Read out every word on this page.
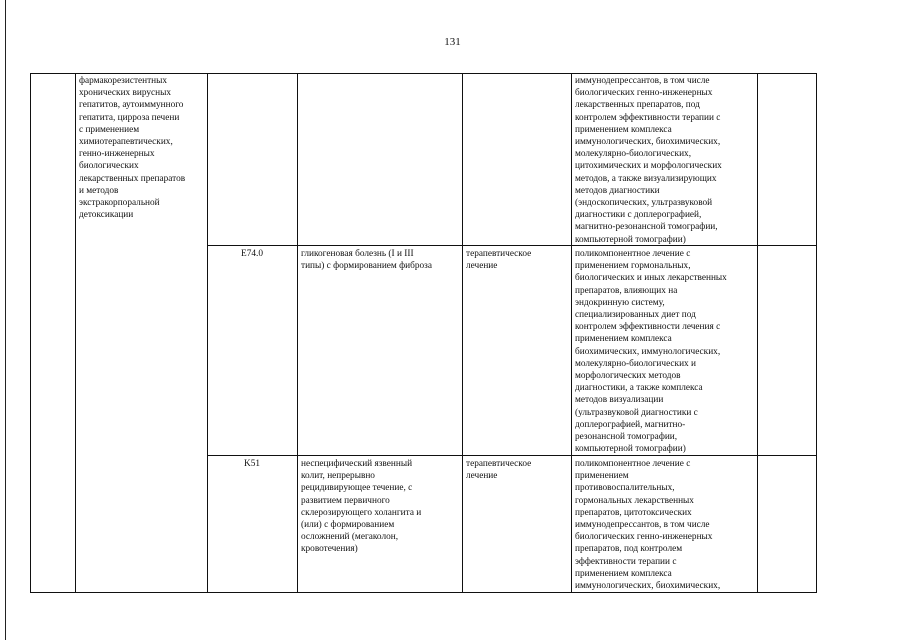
131
фармакорезистентных
хронических вирусных
гепатитов, аутоиммунного
гепатита, цирроза печени
с применением
химиотерапевтических,
генно-инженерных
биологических
лекарственных препаратов
и методов
экстракорпоральной
детоксикации
иммунодепрессантов, в том числе
биологических генно-инженерных
лекарственных препаратов, под
контролем эффективности терапии с
применением комплекса
иммунологических, биохимических,
молекулярно-биологических,
цитохимических и морфологических
методов, а также визуализирующих
методов диагностики
(эндоскопических, ультразвуковой
диагностики с доплерографией,
магнитно-резонансной томографии,
компьютерной томографии)
E74.0	гликогеновая болезнь (I и III
типы) с формированием фиброза
терапевтическое
лечение
поликомпонентное лечение с
применением гормональных,
биологических и иных лекарственных
препаратов, влияющих на
эндокринную систему,
специализированных диет под
контролем эффективности лечения с
применением комплекса
биохимических, иммунологических,
молекулярно-биологических и
морфологических методов
диагностики, а также комплекса
методов визуализации
(ультразвуковой диагностики с
доплерографией, магнитно-
резонансной томографии,
компьютерной томографии)
K51	неспецифический язвенный
колит, непрерывно
рецидивирующее течение, с
развитием первичного
склерозирующего холангита и
(или) с формированием
осложнений (мегаколон,
кровотечения)
терапевтическое
лечение
поликомпонентное лечение с
применением
противовоспалительных,
гормональных лекарственных
препаратов, цитотоксических
иммунодепрессантов, в том числе
биологических генно-инженерных
препаратов, под контролем
эффективности терапии с
применением комплекса
иммунологических, биохимических,
